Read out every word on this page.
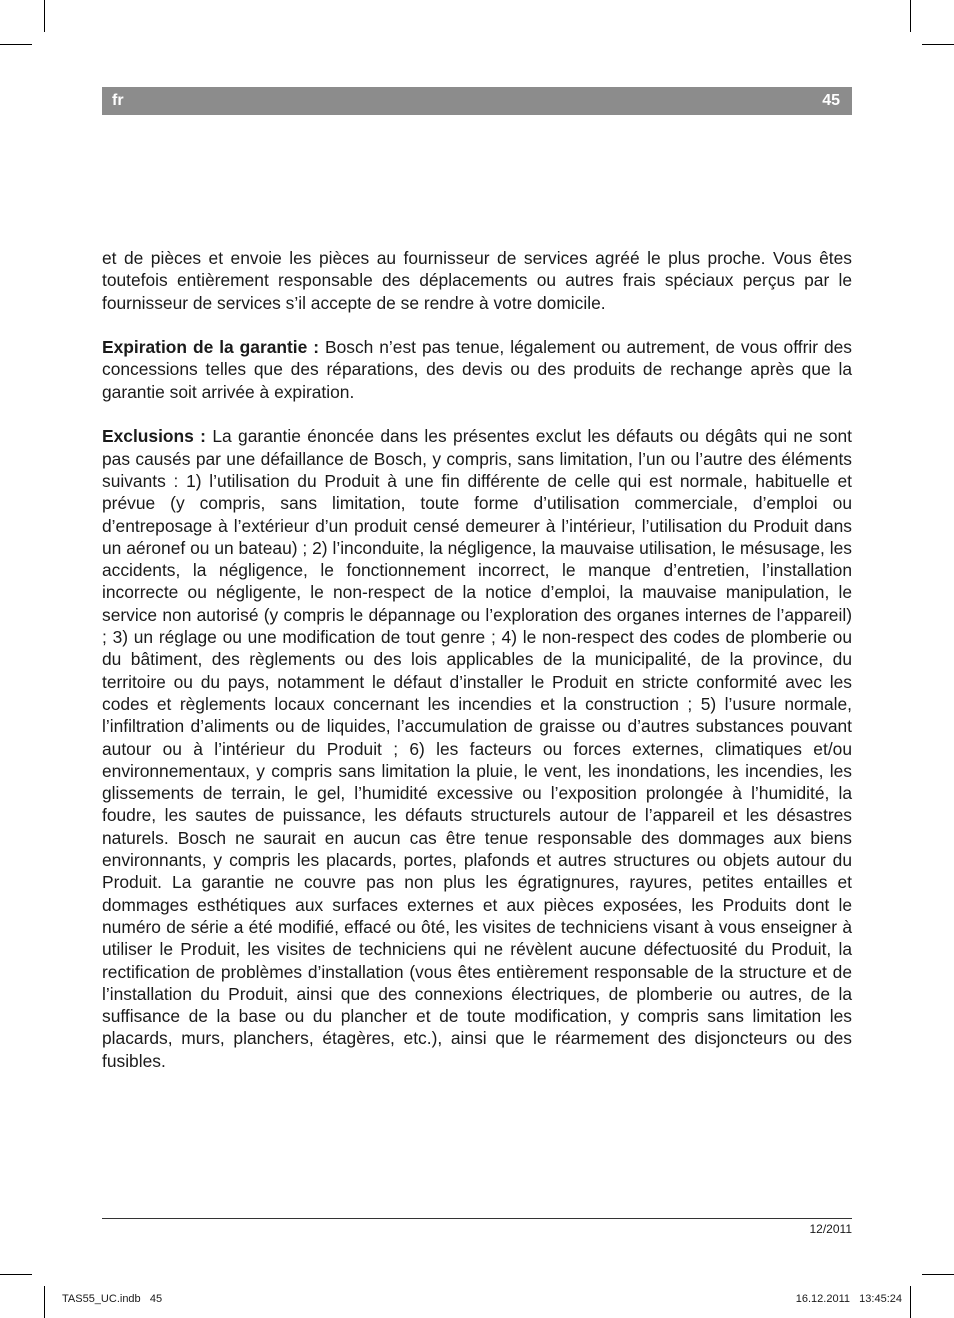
fr	45

et de pièces et envoie les pièces au fournisseur de services agréé le plus proche. Vous êtes toutefois entièrement responsable des déplacements ou autres frais spéciaux perçus par le fournisseur de services s’il accepte de se rendre à votre domicile.

Expiration de la garantie : Bosch n’est pas tenue, légalement ou autrement, de vous offrir des concessions telles que des réparations, des devis ou des produits de rechange après que la garantie soit arrivée à expiration.

Exclusions : La garantie énoncée dans les présentes exclut les défauts ou dégâts qui ne sont pas causés par une défaillance de Bosch, y compris, sans limitation, l’un ou l’autre des éléments suivants : 1) l’utilisation du Produit à une fin différente de celle qui est normale, habituelle et prévue (y compris, sans limitation, toute forme d’utilisation commerciale, d’emploi ou d’entreposage à l’extérieur d’un produit censé demeurer à l’intérieur, l’utilisation du Produit dans un aéronef ou un bateau) ; 2) l’inconduite, la négligence, la mauvaise utilisation, le mésusage, les accidents, la négligence, le fonctionnement incorrect, le manque d’entretien, l’installation incorrecte ou négligente, le non-respect de la notice d’emploi, la mauvaise manipulation, le service non autorisé (y compris le dépannage ou l’exploration des organes internes de l’appareil) ; 3) un réglage ou une modification de tout genre ; 4) le non-respect des codes de plomberie ou du bâtiment, des règlements ou des lois applicables de la municipalité, de la province, du territoire ou du pays, notamment le défaut d’installer le Produit en stricte conformité avec les codes et règlements locaux concernant les incendies et la construction ; 5) l’usure normale, l’infiltration d’aliments ou de liquides, l’accumulation de graisse ou d’autres substances pouvant autour ou à l’intérieur du Produit ; 6) les facteurs ou forces externes, climatiques et/ou environnementaux, y compris sans limitation la pluie, le vent, les inondations, les incendies, les glissements de terrain, le gel, l’humidité excessive ou l’exposition prolongée à l’humidité, la foudre, les sautes de puissance, les défauts structurels autour de l’appareil et les désastres naturels. Bosch ne saurait en aucun cas être tenue responsable des dommages aux biens environnants, y compris les placards, portes, plafonds et autres structures ou objets autour du Produit. La garantie ne couvre pas non plus les égratignures, rayures, petites entailles et dommages esthétiques aux surfaces externes et aux pièces exposées, les Produits dont le numéro de série a été modifié, effacé ou ôté, les visites de techniciens visant à vous enseigner à utiliser le Produit, les visites de techniciens qui ne révèlent aucune défectuosité du Produit, la rectification de problèmes d’installation (vous êtes entièrement responsable de la structure et de l’installation du Produit, ainsi que des connexions électriques, de plomberie ou autres, de la suffisance de la base ou du plancher et de toute modification, y compris sans limitation les placards, murs, planchers, étagères, etc.), ainsi que le réarmement des disjoncteurs ou des fusibles.

12/2011
TAS55_UC.indb   45	16.12.2011   13:45:24
